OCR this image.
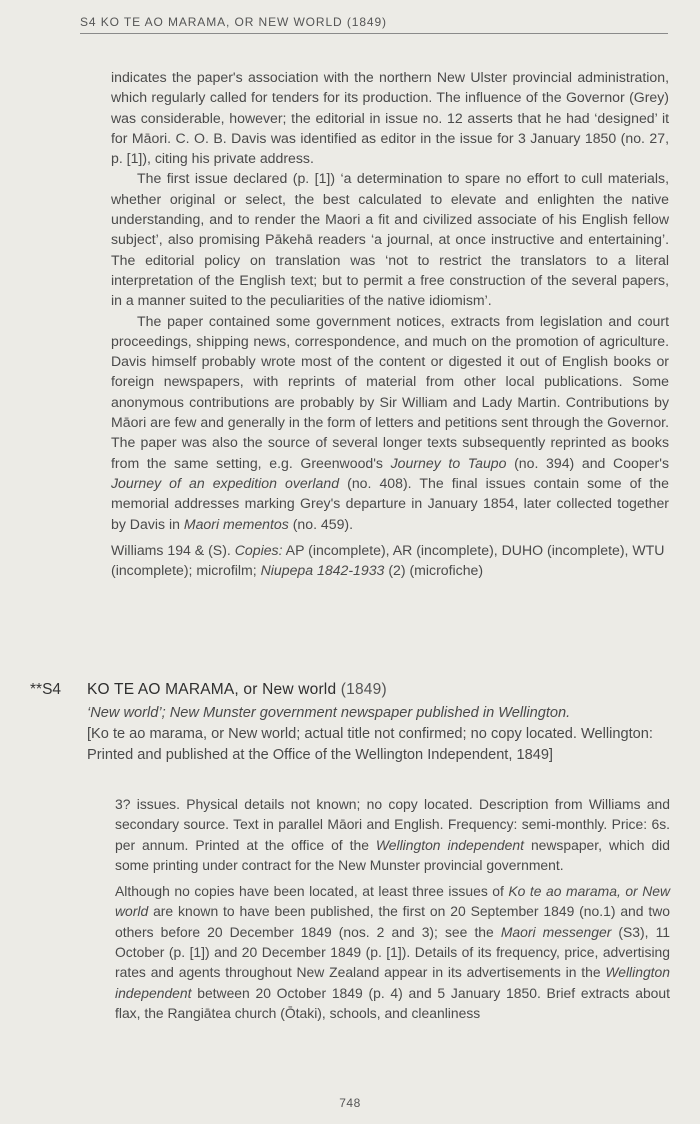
S4 KO TE AO MARAMA, OR NEW WORLD (1849)

indicates the paper's association with the northern New Ulster provincial administration, which regularly called for tenders for its production. The influence of the Governor (Grey) was considerable, however; the editorial in issue no. 12 asserts that he had ‘designed’ it for Māori. C. O. B. Davis was identified as editor in the issue for 3 January 1850 (no. 27, p. [1]), citing his private address.

The first issue declared (p. [1]) ‘a determination to spare no effort to cull materials, whether original or select, the best calculated to elevate and enlighten the native understanding, and to render the Maori a fit and civilized associate of his English fellow subject’, also promising Pākehā readers ‘a journal, at once instructive and entertaining’. The editorial policy on translation was ‘not to restrict the translators to a literal interpretation of the English text; but to permit a free construction of the several papers, in a manner suited to the peculiarities of the native idiomism’.

The paper contained some government notices, extracts from legislation and court proceedings, shipping news, correspondence, and much on the promotion of agriculture. Davis himself probably wrote most of the content or digested it out of English books or foreign newspapers, with reprints of material from other local publications. Some anonymous contributions are probably by Sir William and Lady Martin. Contributions by Māori are few and generally in the form of letters and petitions sent through the Governor. The paper was also the source of several longer texts subsequently reprinted as books from the same setting, e.g. Greenwood's Journey to Taupo (no. 394) and Cooper's Journey of an expedition overland (no. 408). The final issues contain some of the memorial addresses marking Grey's departure in January 1854, later collected together by Davis in Maori mementos (no. 459).

Williams 194 & (S). Copies: AP (incomplete), AR (incomplete), DUHO (incomplete), WTU (incomplete); microfilm; Niupepa 1842-1933 (2) (microfiche)

**S4 KO TE AO MARAMA, or New world (1849)

‘New world’; New Munster government newspaper published in Wellington.

[Ko te ao marama, or New world; actual title not confirmed; no copy located. Wellington: Printed and published at the Office of the Wellington Independent, 1849]

3? issues. Physical details not known; no copy located. Description from Williams and secondary source. Text in parallel Māori and English. Frequency: semi-monthly. Price: 6s. per annum. Printed at the office of the Wellington independent newspaper, which did some printing under contract for the New Munster provincial government.

Although no copies have been located, at least three issues of Ko te ao marama, or New world are known to have been published, the first on 20 September 1849 (no.1) and two others before 20 December 1849 (nos. 2 and 3); see the Maori messenger (S3), 11 October (p. [1]) and 20 December 1849 (p. [1]). Details of its frequency, price, advertising rates and agents throughout New Zealand appear in its advertisements in the Wellington independent between 20 October 1849 (p. 4) and 5 January 1850. Brief extracts about flax, the Rangiātea church (Ōtaki), schools, and cleanliness

748
